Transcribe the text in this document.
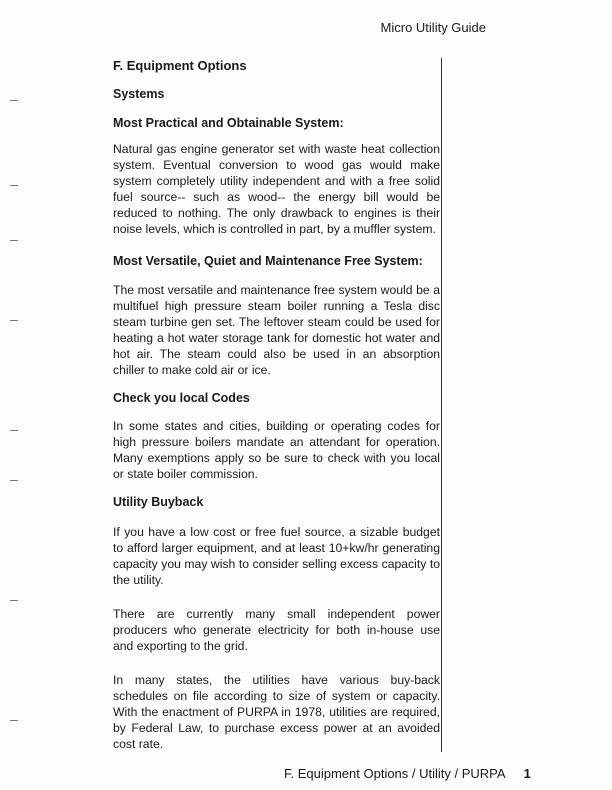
Micro Utility Guide
F. Equipment Options
Systems
Most Practical and Obtainable System:
Natural gas engine generator set with waste heat collection system. Eventual conversion to wood gas would make system completely utility independent and with a free solid fuel source-- such as wood-- the energy bill would be reduced to nothing. The only drawback to engines is their noise levels, which is controlled in part, by a muffler system.
Most Versatile, Quiet and Maintenance Free System:
The most versatile and maintenance free system would be a multifuel high pressure steam boiler running a Tesla disc steam turbine gen set. The leftover steam could be used for heating a hot water storage tank for domestic hot water and hot air. The steam could also be used in an absorption chiller to make cold air or ice.
Check you local Codes
In some states and cities, building or operating codes for high pressure boilers mandate an attendant for operation. Many exemptions apply so be sure to check with you local or state boiler commission.
Utility Buyback
If you have a low cost or free fuel source, a sizable budget to afford larger equipment, and at least 10+kw/hr generating capacity you may wish to consider selling excess capacity to the utility.
There are currently many small independent power producers who generate electricity for both in-house use and exporting to the grid.
In many states, the utilities have various buy-back schedules on file according to size of system or capacity. With the enactment of PURPA in 1978, utilities are required, by Federal Law, to purchase excess power at an avoided cost rate.
F. Equipment Options / Utility / PURPA 1
